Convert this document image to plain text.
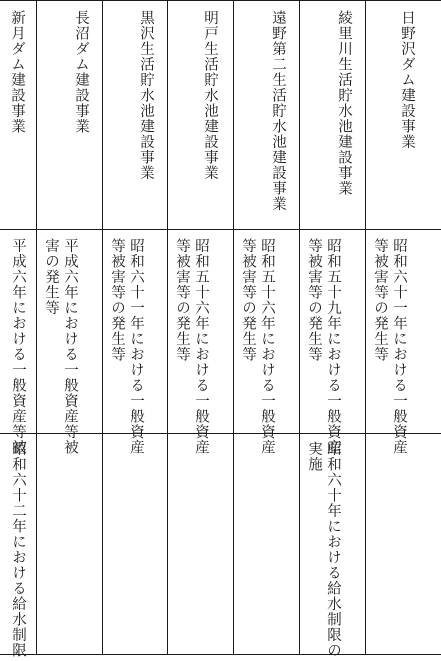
日野沢ダム建設事業
綾里川生活貯水池建設事業
遠野第二生活貯水池建設事業
明戸生活貯水池建設事業
黒沢生活貯水池建設事業
長沼ダム建設事業
新月ダム建設事業
昭和六十一年における一般資産
等被害等の発生等
昭和五十九年における一般資産
等被害等の発生等
昭和五十六年における一般資産
等被害等の発生等
昭和五十六年における一般資産
等被害等の発生等
昭和六十一年における一般資産
等被害等の発生等
平成六年における一般資産等被
害の発生等
平成六年における一般資産等被
昭和六十年における給水制限の
実施
昭和六十二年における給水制限
